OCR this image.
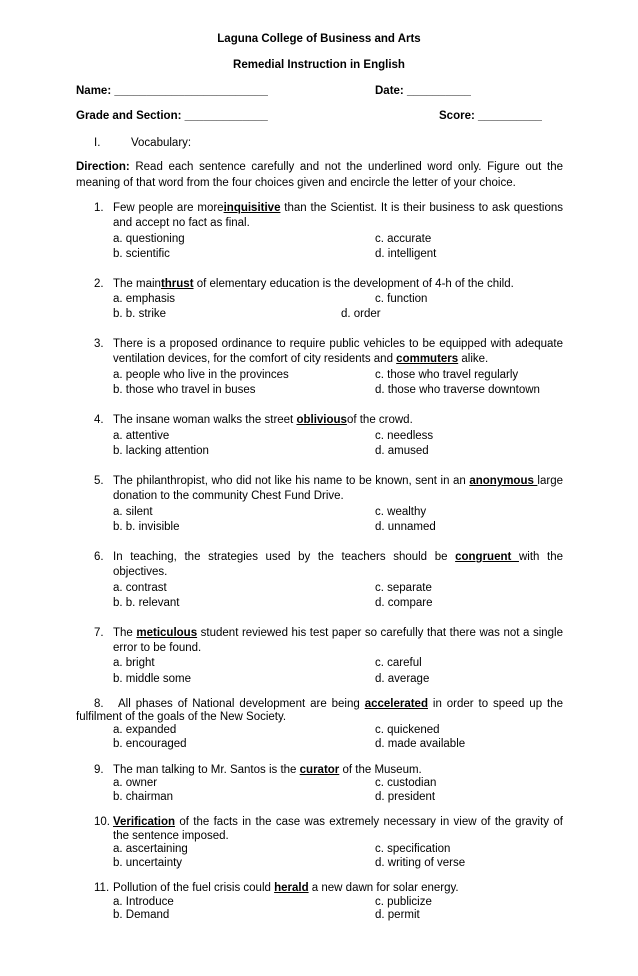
Laguna College of Business and Arts
Remedial Instruction in English
Name: ________________________	Date: __________
Grade and Section: _____________	Score: __________
I.	Vocabulary:
Direction: Read each sentence carefully and not the underlined word only. Figure out the
meaning of that word from the four choices given and encircle the letter of your choice.
1. Few people are moreinquisitive than the Scientist. It is their business to ask questions
and accept no fact as final.
a. questioning
b. scientific
c. accurate
d. intelligent
2. The mainthrust of elementary education is the development of 4-h of the child.
a. emphasis
b. b. strike
c. function
d. order
3. There is a proposed ordinance to require public vehicles to be equipped with adequate
ventilation devices, for the comfort of city residents and commuters alike.
a. people who live in the provinces
b. those who travel in buses
c. those who travel regularly
d. those who traverse downtown
4. The insane woman walks the street obliviousof the crowd.
a. attentive
b. lacking attention
c. needless
d. amused
5. The philanthropist, who did not like his name to be known, sent in an anonymous large
donation to the community Chest Fund Drive.
a. silent
b. b. invisible
c. wealthy
d. unnamed
6. In teaching, the strategies used by the teachers should be congruent with the
objectives.
a. contrast
b. b. relevant
c. separate
d. compare
7. The meticulous student reviewed his test paper so carefully that there was not a single
error to be found.
a. bright
b. middle some
c. careful
d. average
8. All phases of National development are being accelerated in order to speed up the
fulfilment of the goals of the New Society.
a. expanded
b. encouraged
c. quickened
d. made available
9. The man talking to Mr. Santos is the curator of the Museum.
a. owner
b. chairman
c. custodian
d. president
10. Verification of the facts in the case was extremely necessary in view of the gravity of
the sentence imposed.
a. ascertaining
b. uncertainty
c. specification
d. writing of verse
11. Pollution of the fuel crisis could herald a new dawn for solar energy.
a. Introduce
b. Demand
c. publicize
d. permit
